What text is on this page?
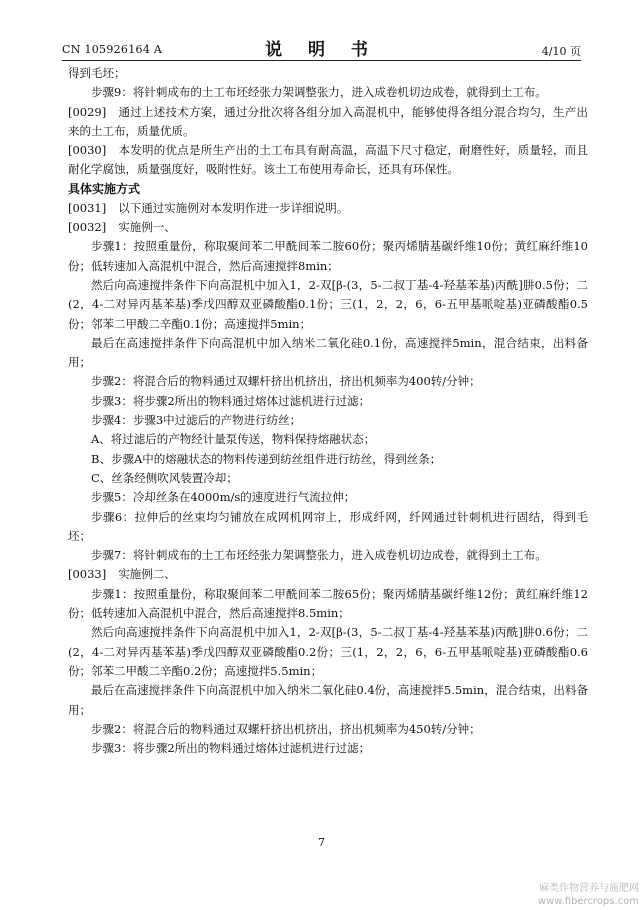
CN 105926164 A	说 明 书	4/10 页

得到毛坯；

步骤9：将针刺成布的土工布坯经张力架调整张力，进入成卷机切边成卷，就得到土工布。

[0029] 通过上述技术方案，通过分批次将各组分加入高混机中，能够使得各组分混合均匀，生产出来的土工布，质量优质。

[0030] 本发明的优点是所生产出的土工布具有耐高温，高温下尺寸稳定，耐磨性好，质量轻，而且耐化学腐蚀，质量强度好，吸附性好。该土工布使用寿命长，还具有环保性。

具体实施方式

[0031] 以下通过实施例对本发明作进一步详细说明。

[0032] 实施例一、

步骤1：按照重量份，称取聚间苯二甲酰间苯二胺60份；聚丙烯腈基碳纤维10份；黄红麻纤维10份；低转速加入高混机中混合，然后高速搅拌8min；

然后向高速搅拌条件下向高混机中加入1，2-双[β-(3，5-二叔丁基-4-羟基苯基)丙酰]肼0.5份；二(2，4-二对异丙基苯基)季戊四醇双亚磷酸酯0.1份；三(1，2，2，6，6-五甲基哌啶基)亚磷酸酯0.5份；邻苯二甲酸二辛酯0.1份；高速搅拌5min；

最后在高速搅拌条件下向高混机中加入纳米二氧化硅0.1份，高速搅拌5min，混合结束，出料备用；

步骤2：将混合后的物料通过双螺杆挤出机挤出，挤出机频率为400转/分钟；

步骤3：将步骤2所出的物料通过熔体过滤机进行过滤；

步骤4：步骤3中过滤后的产物进行纺丝；

A、将过滤后的产物经计量泵传送，物料保持熔融状态；

B、步骤A中的熔融状态的物料传递到纺丝组件进行纺丝，得到丝条；

C、丝条经侧吹风装置冷却；

步骤5：冷却丝条在4000m/s的速度进行气流拉伸；

步骤6：拉伸后的丝束均匀铺放在成网机网帘上，形成纤网，纤网通过针刺机进行固结，得到毛坯；

步骤7：将针刺成布的土工布坯经张力架调整张力，进入成卷机切边成卷，就得到土工布。

[0033] 实施例二、

步骤1：按照重量份，称取聚间苯二甲酰间苯二胺65份；聚丙烯腈基碳纤维12份；黄红麻纤维12份；低转速加入高混机中混合，然后高速搅拌8.5min；

然后向高速搅拌条件下向高混机中加入1，2-双[β-(3，5-二叔丁基-4-羟基苯基)丙酰]肼0.6份；二(2，4-二对异丙基苯基)季戊四醇双亚磷酸酯0.2份；三(1，2，2，6，6-五甲基哌啶基)亚磷酸酯0.6份；邻苯二甲酸二辛酯0.2份；高速搅拌5.5min；

最后在高速搅拌条件下向高混机中加入纳米二氧化硅0.4份，高速搅拌5.5min，混合结束，出料备用；

步骤2：将混合后的物料通过双螺杆挤出机挤出，挤出机频率为450转/分钟；

步骤3：将步骤2所出的物料通过熔体过滤机进行过滤；

7
麻类作物营养与施肥网
www.fibercrops.com
